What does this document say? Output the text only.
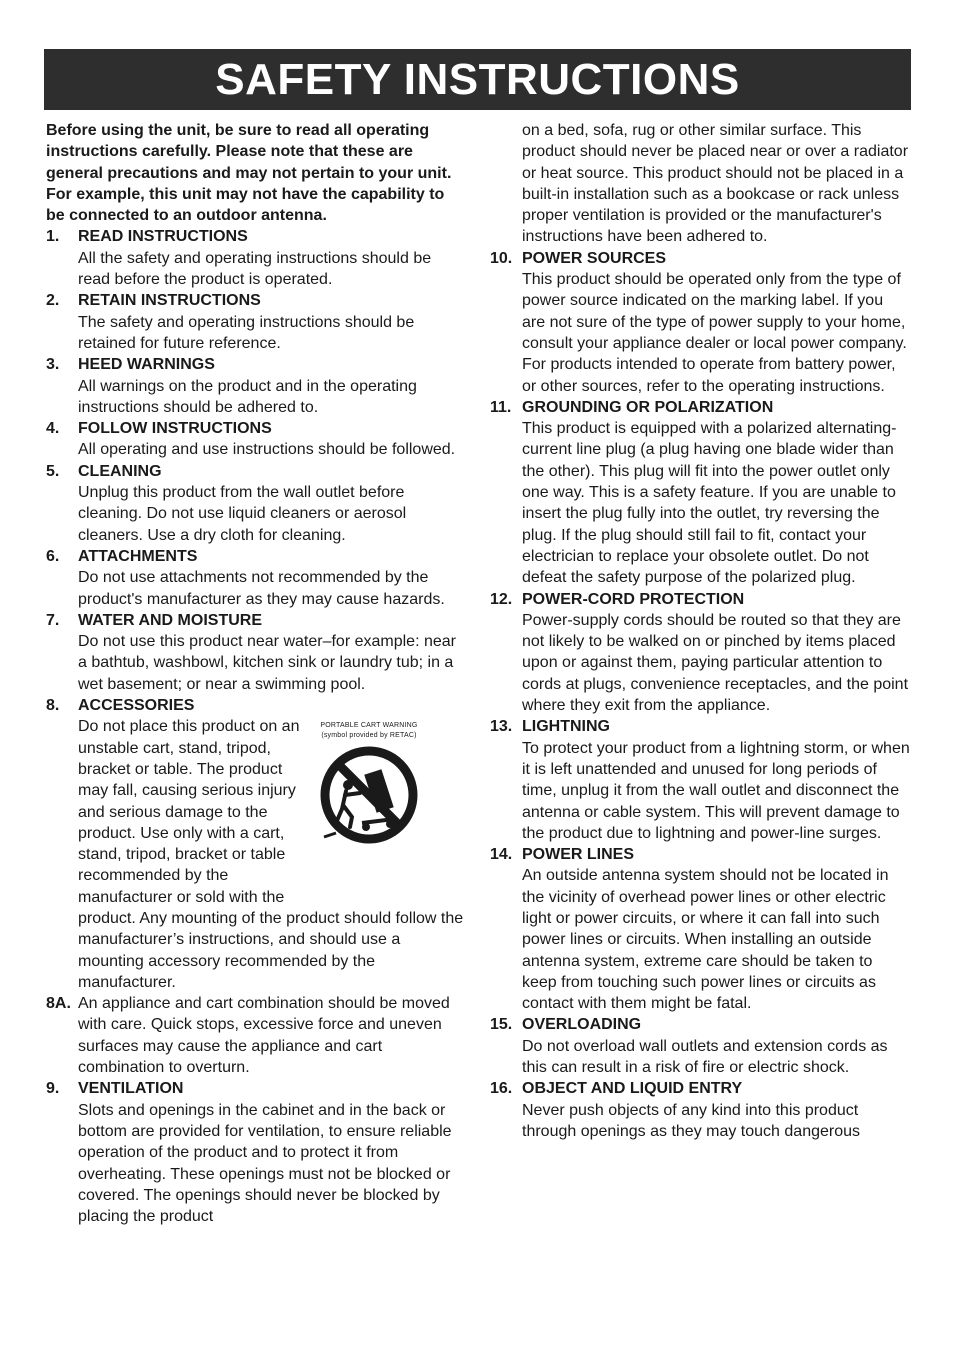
SAFETY INSTRUCTIONS

Before using the unit, be sure to read all operating instructions carefully. Please note that these are general precautions and may not pertain to your unit. For example, this unit may not have the capability to be connected to an outdoor antenna.

1. READ INSTRUCTIONS
All the safety and operating instructions should be read before the product is operated.
2. RETAIN INSTRUCTIONS
The safety and operating instructions should be retained for future reference.
3. HEED WARNINGS
All warnings on the product and in the operating instructions should be adhered to.
4. FOLLOW INSTRUCTIONS
All operating and use instructions should be followed.
5. CLEANING
Unplug this product from the wall outlet before cleaning. Do not use liquid cleaners or aerosol cleaners. Use a dry cloth for cleaning.
6. ATTACHMENTS
Do not use attachments not recommended by the product's manufacturer as they may cause hazards.
7. WATER AND MOISTURE
Do not use this product near water–for example: near a bathtub, washbowl, kitchen sink or laundry tub; in a wet basement; or near a swimming pool.
8. ACCESSORIES
Do not place this product on an unstable cart, stand, tripod, bracket or table. The product may fall, causing serious injury and serious damage to the product. Use only with a cart, stand, tripod, bracket or table recommended by the manufacturer or sold with the
product. Any mounting of the product should follow the manufacturer’s instructions, and should use a mounting accessory recommended by the manufacturer.
PORTABLE CART WARNING
(symbol provided by RETAC)
8A. An appliance and cart combination should be moved with care. Quick stops, excessive force and uneven surfaces may cause the appliance and cart combination to overturn.
9. VENTILATION
Slots and openings in the cabinet and in the back or bottom are provided for ventilation, to ensure reliable operation of the product and to protect it from overheating. These openings must not be blocked or covered. The openings should never be blocked by placing the product
on a bed, sofa, rug or other similar surface. This product should never be placed near or over a radiator or heat source. This product should not be placed in a built-in installation such as a bookcase or rack unless proper ventilation is provided or the manufacturer's instructions have been adhered to.
10. POWER SOURCES
This product should be operated only from the type of power source indicated on the marking label. If you are not sure of the type of power supply to your home, consult your appliance dealer or local power company. For products intended to operate from battery power, or other sources, refer to the operating instructions.
11. GROUNDING OR POLARIZATION
This product is equipped with a polarized alternating-current line plug (a plug having one blade wider than the other). This plug will fit into the power outlet only one way. This is a safety feature. If you are unable to insert the plug fully into the outlet, try reversing the plug. If the plug should still fail to fit, contact your electrician to replace your obsolete outlet. Do not defeat the safety purpose of the polarized plug.
12. POWER-CORD PROTECTION
Power-supply cords should be routed so that they are not likely to be walked on or pinched by items placed upon or against them, paying particular attention to cords at plugs, convenience receptacles, and the point where they exit from the appliance.
13. LIGHTNING
To protect your product from a lightning storm, or when it is left unattended and unused for long periods of time, unplug it from the wall outlet and disconnect the antenna or cable system. This will prevent damage to the product due to lightning and power-line surges.
14. POWER LINES
An outside antenna system should not be located in the vicinity of overhead power lines or other electric light or power circuits, or where it can fall into such power lines or circuits. When installing an outside antenna system, extreme care should be taken to keep from touching such power lines or circuits as contact with them might be fatal.
15. OVERLOADING
Do not overload wall outlets and extension cords as this can result in a risk of fire or electric shock.
16. OBJECT AND LIQUID ENTRY
Never push objects of any kind into this product through openings as they may touch dangerous
